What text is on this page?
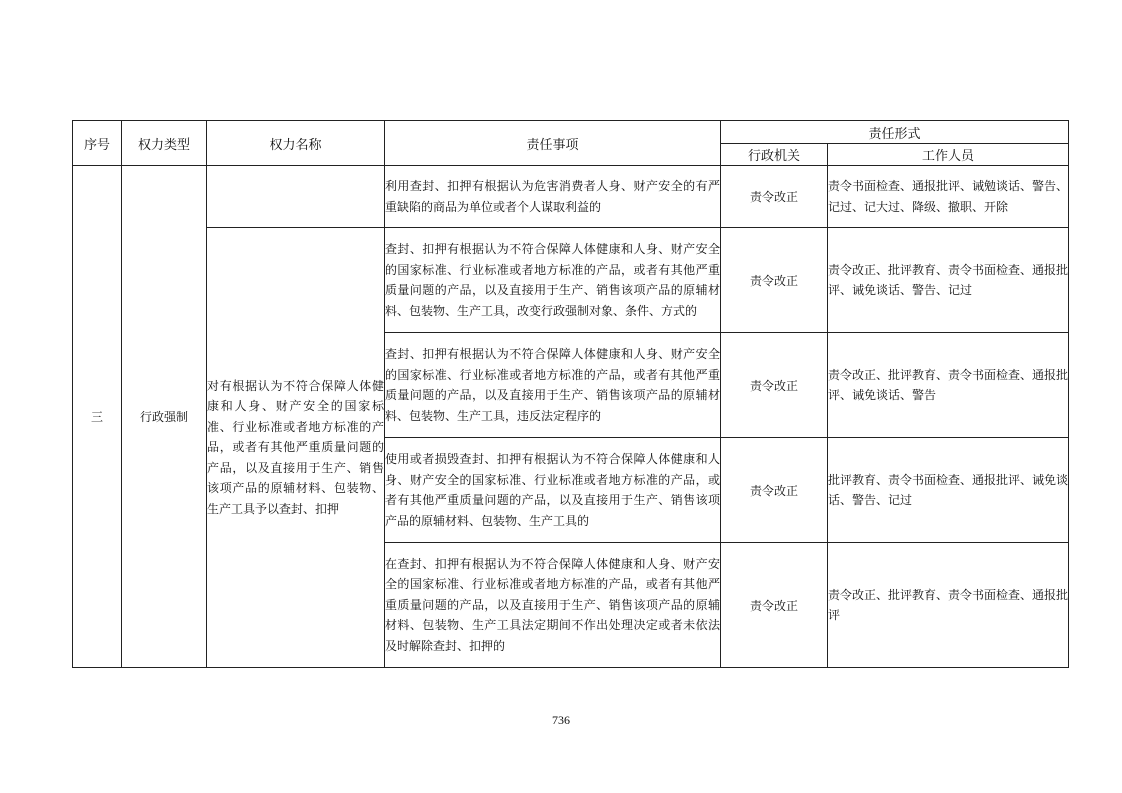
序号	权力类型	权力名称	责任事项	责任形式	
				行政机关	工作人员
三	行政强制		利用查封、扣押有根据认为危害消费者人身、财产安全的有严重缺陷的商品为单位或者个人谋取利益的	责令改正	责令书面检查、通报批评、诫勉谈话、警告、记过、记大过、降级、撤职、开除
		对有根据认为不符合保障人体健康和人身、财产安全的国家标准、行业标准或者地方标准的产品，或者有其他严重质量问题的产品，以及直接用于生产、销售该项产品的原辅材料、包装物、生产工具予以查封、扣押	查封、扣押有根据认为不符合保障人体健康和人身、财产安全的国家标准、行业标准或者地方标准的产品，或者有其他严重质量问题的产品，以及直接用于生产、销售该项产品的原辅材料、包装物、生产工具，改变行政强制对象、条件、方式的	责令改正	责令改正、批评教育、责令书面检查、通报批评、诫免谈话、警告、记过
			查封、扣押有根据认为不符合保障人体健康和人身、财产安全的国家标准、行业标准或者地方标准的产品，或者有其他严重质量问题的产品，以及直接用于生产、销售该项产品的原辅材料、包装物、生产工具，违反法定程序的	责令改正	责令改正、批评教育、责令书面检查、通报批评、诫免谈话、警告
			使用或者损毁查封、扣押有根据认为不符合保障人体健康和人身、财产安全的国家标准、行业标准或者地方标准的产品，或者有其他严重质量问题的产品，以及直接用于生产、销售该项产品的原辅材料、包装物、生产工具的	责令改正	批评教育、责令书面检查、通报批评、诫免谈话、警告、记过
			在查封、扣押有根据认为不符合保障人体健康和人身、财产安全的国家标准、行业标准或者地方标准的产品，或者有其他严重质量问题的产品，以及直接用于生产、销售该项产品的原辅材料、包装物、生产工具法定期间不作出处理决定或者未依法及时解除查封、扣押的	责令改正	责令改正、批评教育、责令书面检查、通报批评
736
